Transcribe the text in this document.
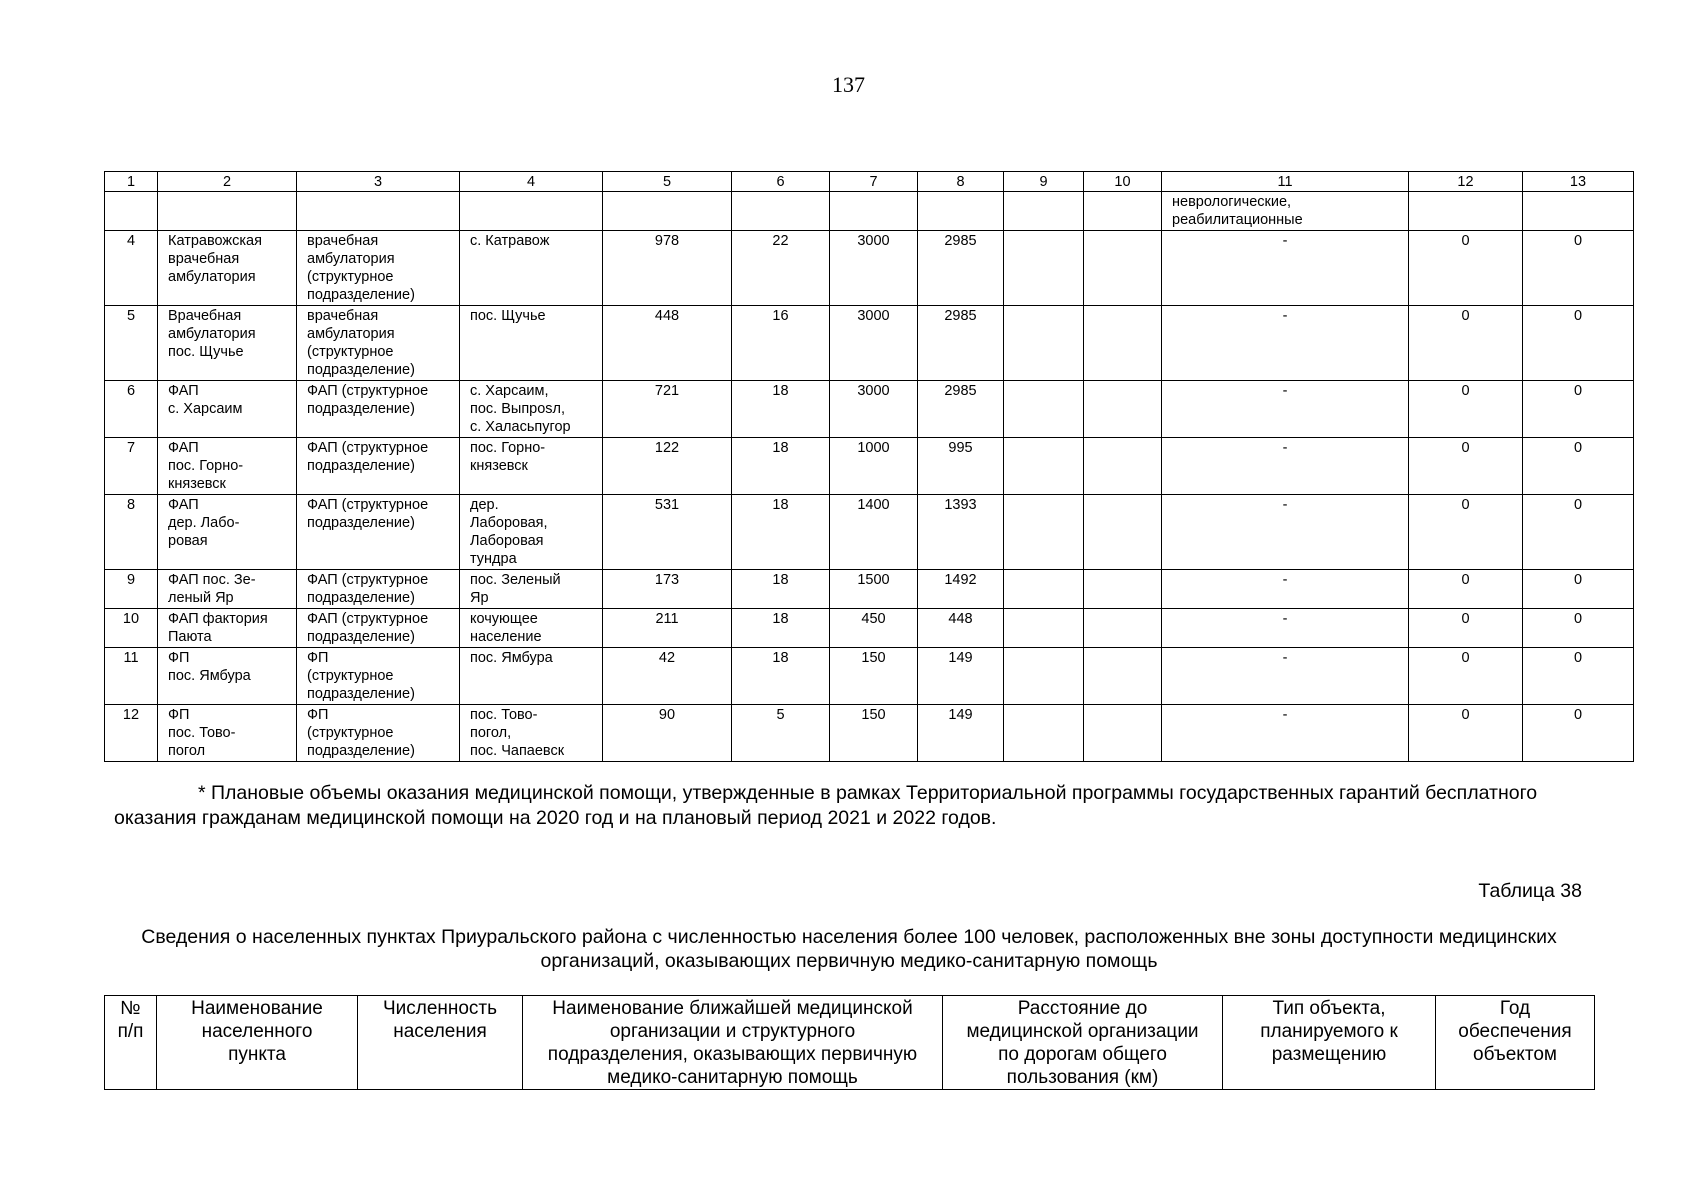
137
1	2	3	4	5	6	7	8	9	10	11	12	13
										неврологические,
реабилитационные		
4	Катравожская
врачебная
амбулатория	врачебная
амбулатория
(структурное
подразделение)	с. Катравож	978	22	3000	2985			-	0	0
5	Врачебная
амбулатория
пос. Щучье	врачебная
амбулатория
(структурное
подразделение)	пос. Щучье	448	16	3000	2985			-	0	0
6	ФАП
с. Харсаим	ФАП (структурное
подразделение)	с. Харсаим,
пос. Выпposл,
с. Халасьпугор	721	18	3000	2985			-	0	0
7	ФАП
пос. Горно-
князевск	ФАП (структурное
подразделение)	пос. Горно-
князевск	122	18	1000	995			-	0	0
8	ФАП
дер. Лабо-
ровая	ФАП (структурное
подразделение)	дер.
Лаборовая,
Лаборовая
тундра	531	18	1400	1393			-	0	0
9	ФАП пос. Зе-
леный Яр	ФАП (структурное
подразделение)	пос. Зеленый
Яр	173	18	1500	1492			-	0	0
10	ФАП фактория
Паюта	ФАП (структурное
подразделение)	кочующее
население	211	18	450	448			-	0	0
11	ФП
пос. Ямбура	ФП
(структурное
подразделение)	пос. Ямбура	42	18	150	149			-	0	0
12	ФП
пос. Тово-
погол	ФП
(структурное
подразделение)	пос. Тово-
погол,
пос. Чапаевск	90	5	150	149			-	0	0
* Плановые объемы оказания медицинской помощи, утвержденные в рамках Территориальной программы государственных гарантий бесплатного оказания гражданам медицинской помощи на 2020 год и на плановый период 2021 и 2022 годов.
Таблица 38
Сведения о населенных пунктах Приуральского района с численностью населения более 100 человек, расположенных вне зоны доступности медицинских организаций, оказывающих первичную медико-санитарную помощь
№
п/п	Наименование
населенного
пункта	Численность
населения	Наименование ближайшей медицинской
организации и структурного
подразделения, оказывающих первичную
медико-санитарную помощь	Расстояние до
медицинской организации
по дорогам общего
пользования (км)	Тип объекта,
планируемого к
размещению	Год
обеспечения
объектом
